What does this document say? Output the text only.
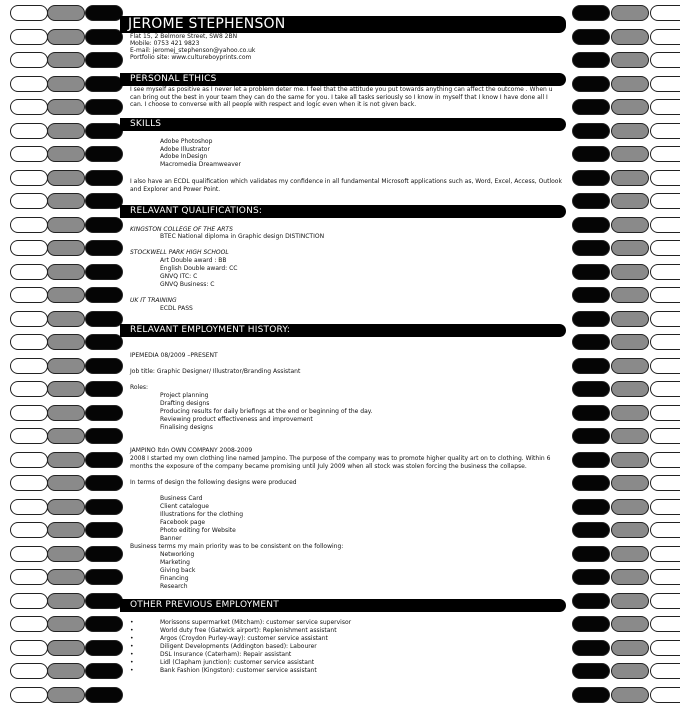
JEROME STEPHENSON
Flat 15, 2 Belmore Street, SW8 2BN
Mobile: 0753 421 9823
E-mail: jeromej_stephenson@yahoo.co.uk
Portfolio site: www.cultureboyprints.com
PERSONAL ETHICS
I see myself as positive as I never let a problem deter me. I feel that the attitude you put towards anything can affect the outcome . When u can bring out the best in your team they can do the same for you. I take all tasks seriously so I know in myself that I know I have done all I can. I choose to converse with all people with respect and logic even when it is not given back.
SKILLS
Adobe Photoshop
Adobe Illustrator
Adobe InDesign
Macromedia Dreamweaver
I also have an ECDL qualification which validates my confidence in all fundamental Microsoft applications such as, Word, Excel, Access, Outlook and Explorer and Power Point.
RELAVANT QUALIFICATIONS:
KINGSTON COLLEGE OF THE ARTS
BTEC National diploma in Graphic design DISTINCTION
STOCKWELL PARK HIGH SCHOOL
Art Double award : BB
English Double award: CC
GNVQ ITC: C
GNVQ Business: C
UK IT TRAINING
ECDL PASS
RELAVANT EMPLOYMENT HISTORY:
IPEMEDIA 08/2009 –PRESENT
Job title: Graphic Designer/ Illustrator/Branding Assistant
Roles:
Project planning
Drafting designs
Producing results for daily briefings at the end or beginning of the day.
Reviewing product effectiveness and improvement
Finalising designs
JAMPINO ltdn OWN COMPANY 2008-2009
2008 I started my own clothing line named Jampino. The purpose of the company was to promote higher quality art on to clothing. Within 6 months the exposure of the company became promising until July 2009 when all stock was stolen forcing the business the collapse.
In terms of design the following designs were produced
Business Card
Client catalogue
Illustrations for the clothing
Facebook page
Photo editing for Website
Banner
Business terms my main priority was to be consistent on the following:
Networking
Marketing
Giving back
Financing
Research
OTHER PREVIOUS EMPLOYMENT
•	Morissons supermarket (Mitcham): customer service supervisor
•	World duty free (Gatwick airport): Replenishment assistant
•	Argos (Croydon Purley-way): customer service assistant
•	Diligent Developments (Addington based): Labourer
•	DSL Insurance (Caterham): Repair assistant
•	Lidl (Clapham junction): customer service assistant
•	Bank Fashion (Kingston): customer service assistant
